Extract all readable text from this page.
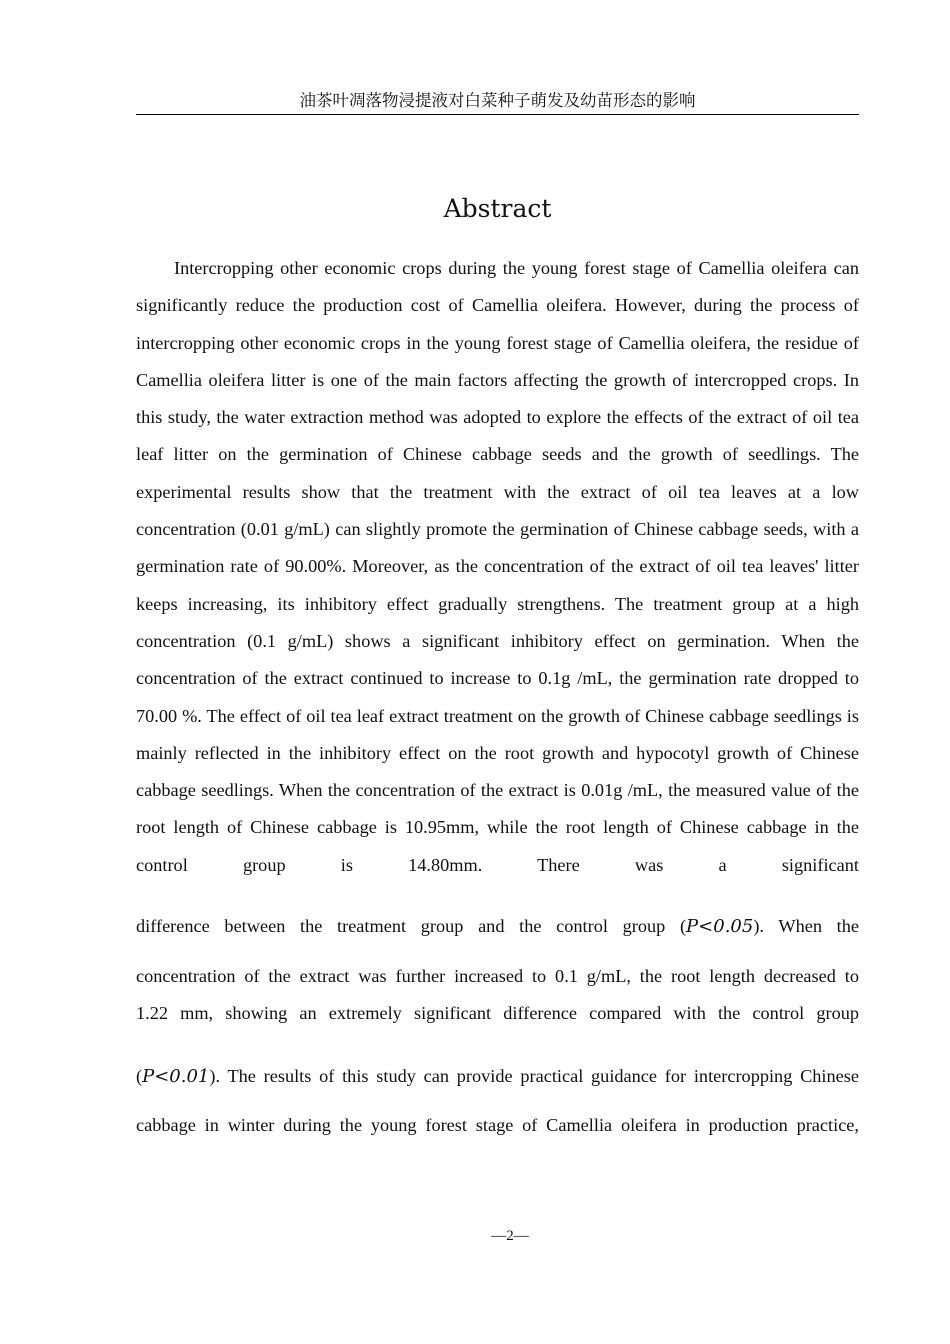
油茶叶凋落物浸提液对白菜种子萌发及幼苗形态的影响
Abstract

Intercropping other economic crops during the young forest stage of Camellia oleifera can significantly reduce the production cost of Camellia oleifera. However, during the process of intercropping other economic crops in the young forest stage of Camellia oleifera, the residue of Camellia oleifera litter is one of the main factors affecting the growth of intercropped crops. In this study, the water extraction method was adopted to explore the effects of the extract of oil tea leaf litter on the germination of Chinese cabbage seeds and the growth of seedlings. The experimental results show that the treatment with the extract of oil tea leaves at a low concentration (0.01 g/mL) can slightly promote the germination of Chinese cabbage seeds, with a germination rate of 90.00%. Moreover, as the concentration of the extract of oil tea leaves' litter keeps increasing, its inhibitory effect gradually strengthens. The treatment group at a high concentration (0.1 g/mL) shows a significant inhibitory effect on germination. When the concentration of the extract continued to increase to 0.1g /mL, the germination rate dropped to 70.00 %. The effect of oil tea leaf extract treatment on the growth of Chinese cabbage seedlings is mainly reflected in the inhibitory effect on the root growth and hypocotyl growth of Chinese cabbage seedlings. When the concentration of the extract is 0.01g /mL, the measured value of the root length of Chinese cabbage is 10.95mm, while the root length of Chinese cabbage in the control group is 14.80mm. There was a significant

difference between the treatment group and the control group (P<0.05). When the

concentration of the extract was further increased to 0.1 g/mL, the root length decreased to

1.22 mm, showing an extremely significant difference compared with the control group

(P<0.01). The results of this study can provide practical guidance for intercropping Chinese

cabbage in winter during the young forest stage of Camellia oleifera in production practice,

—2—
